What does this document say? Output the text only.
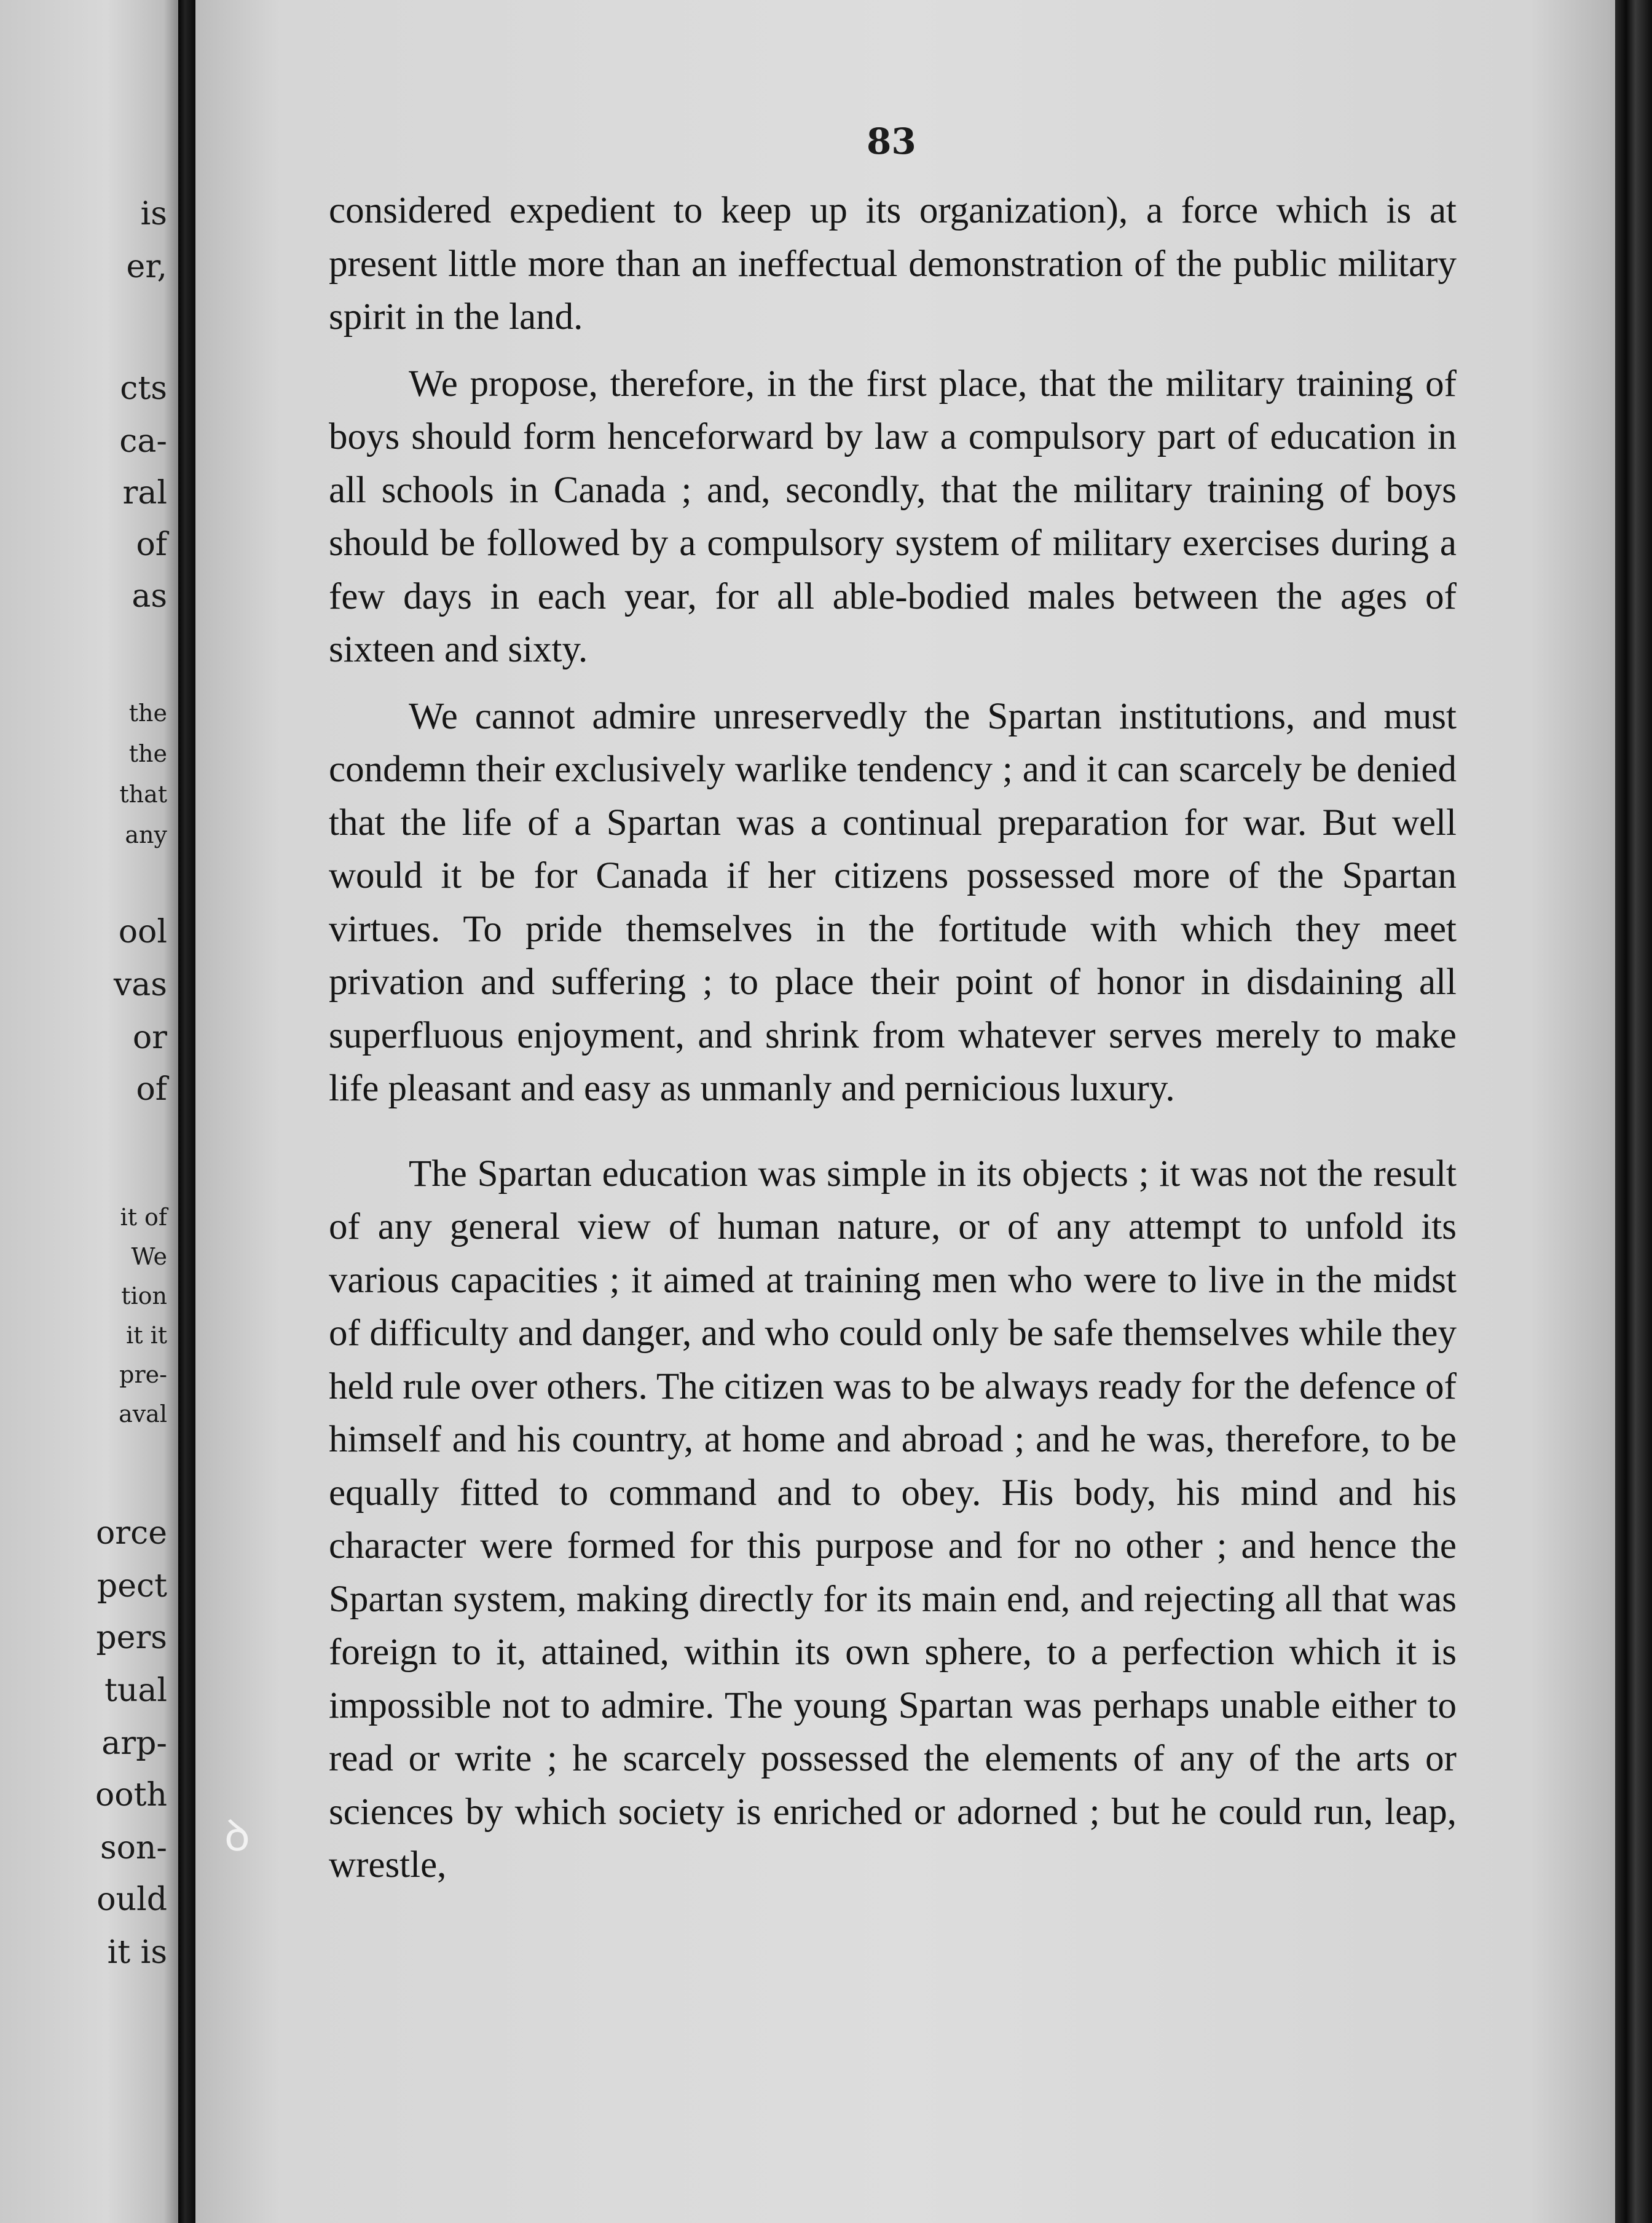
is
er,
cts
ca-
ral
of
as
the
the
that
any
ool
vas
or
of
it of
We
tion
it it
pre-
aval
orce
pect
pers
tual
arp-
ooth
son-
ould
it is
83

considered expedient to keep up its organization), a force which is at present little more than an ineffectual demonstration of the public military spirit in the land.

We propose, therefore, in the first place, that the military training of boys should form henceforward by law a compulsory part of education in all schools in Canada ; and, secondly, that the military training of boys should be followed by a compulsory system of military exercises during a few days in each year, for all able-bodied males between the ages of sixteen and sixty.

We cannot admire unreservedly the Spartan institutions, and must condemn their exclusively warlike tendency ; and it can scarcely be denied that the life of a Spartan was a continual preparation for war. But well would it be for Canada if her citizens possessed more of the Spartan virtues. To pride themselves in the fortitude with which they meet privation and suffering ; to place their point of honor in disdaining all superfluous enjoyment, and shrink from whatever serves merely to make life pleasant and easy as unmanly and pernicious luxury.

The Spartan education was simple in its objects ; it was not the result of any general view of human nature, or of any attempt to unfold its various capacities ; it aimed at training men who were to live in the midst of difficulty and danger, and who could only be safe themselves while they held rule over others. The citizen was to be always ready for the defence of himself and his country, at home and abroad ; and he was, therefore, to be equally fitted to command and to obey. His body, his mind and his character were formed for this purpose and for no other ; and hence the Spartan system, making directly for its main end, and rejecting all that was foreign to it, attained, within its own sphere, to a perfection which it is impossible not to admire. The young Spartan was perhaps unable either to read or write ; he scarcely possessed the elements of any of the arts or sciences by which society is enriched or adorned ; but he could run, leap, wrestle,

ꝺ
